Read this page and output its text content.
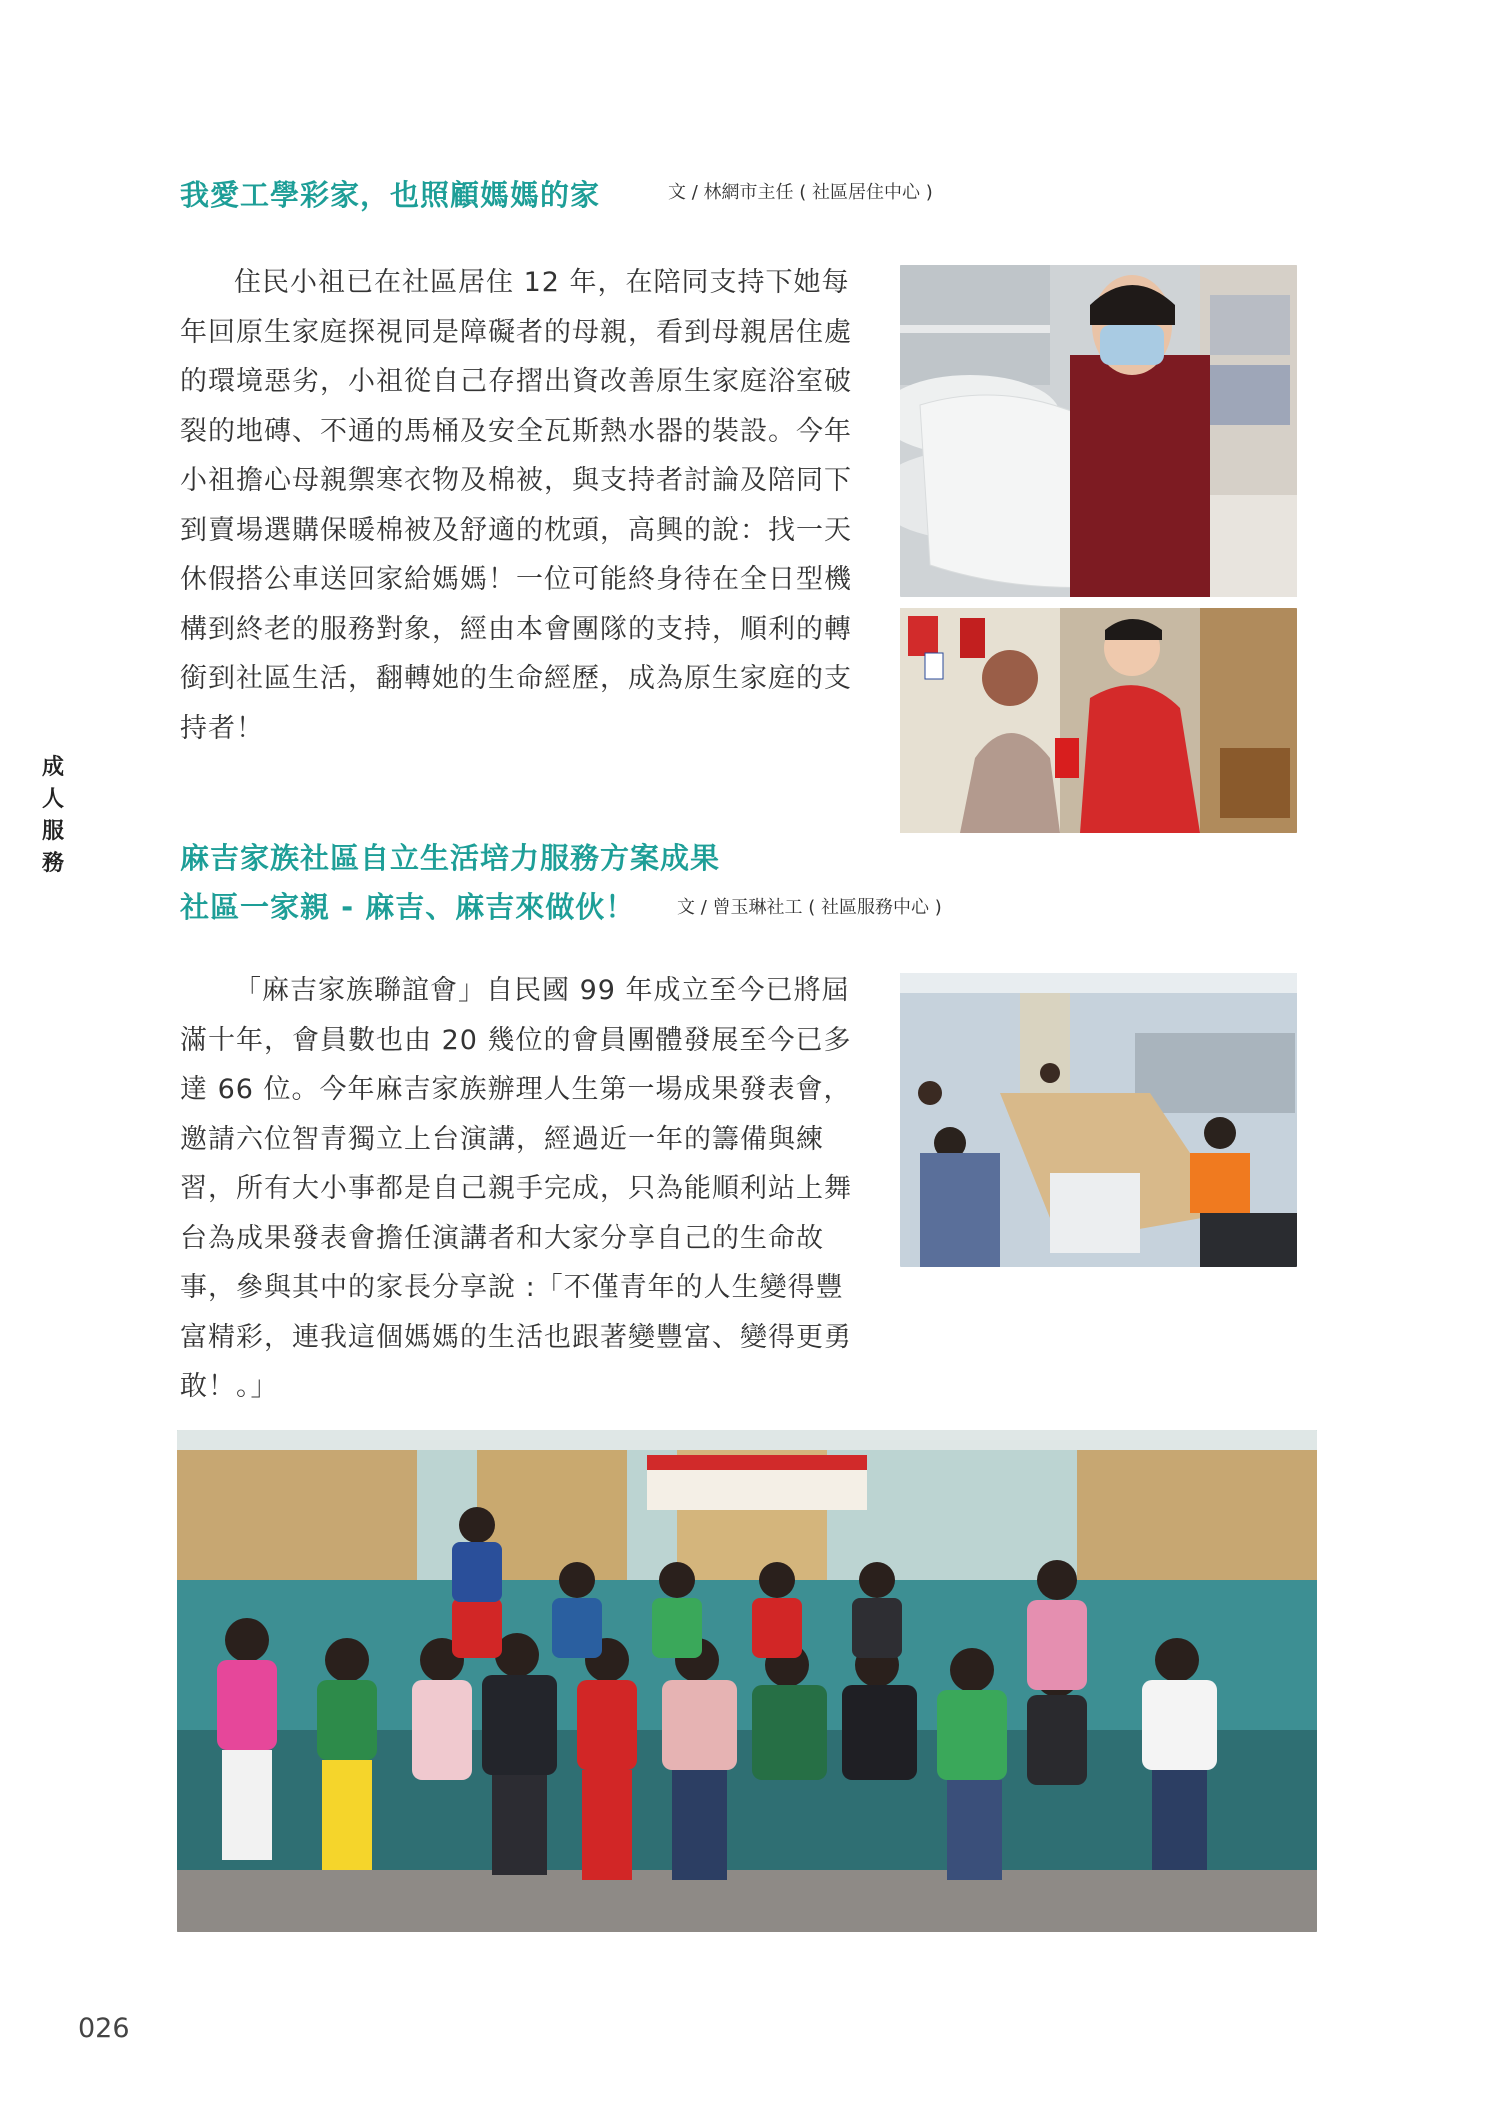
我愛工學彩家，也照顧媽媽的家	文 / 林網市主任 ( 社區居住中心 )

住民小祖已在社區居住 12 年，在陪同支持下她每年回原生家庭探視同是障礙者的母親，看到母親居住處的環境惡劣，小祖從自己存摺出資改善原生家庭浴室破裂的地磚、不通的馬桶及安全瓦斯熱水器的裝設。今年小祖擔心母親禦寒衣物及棉被，與支持者討論及陪同下到賣場選購保暖棉被及舒適的枕頭，高興的說：找一天休假搭公車送回家給媽媽！一位可能終身待在全日型機構到終老的服務對象，經由本會團隊的支持，順利的轉銜到社區生活，翻轉她的生命經歷，成為原生家庭的支持者！

成
人
服
務	麻吉家族社區自立生活培力服務方案成果
社區一家親 - 麻吉、麻吉來做伙！ 文 / 曾玉琳社工 ( 社區服務中心 )

「麻吉家族聯誼會」自民國 99 年成立至今已將屆滿十年，會員數也由 20 幾位的會員團體發展至今已多達 66 位。今年麻吉家族辦理人生第一場成果發表會，邀請六位智青獨立上台演講，經過近一年的籌備與練習，所有大小事都是自己親手完成，只為能順利站上舞台為成果發表會擔任演講者和大家分享自己的生命故事，參與其中的家長分享說 :「不僅青年的人生變得豐富精彩，連我這個媽媽的生活也跟著變豐富、變得更勇敢！。」

026
